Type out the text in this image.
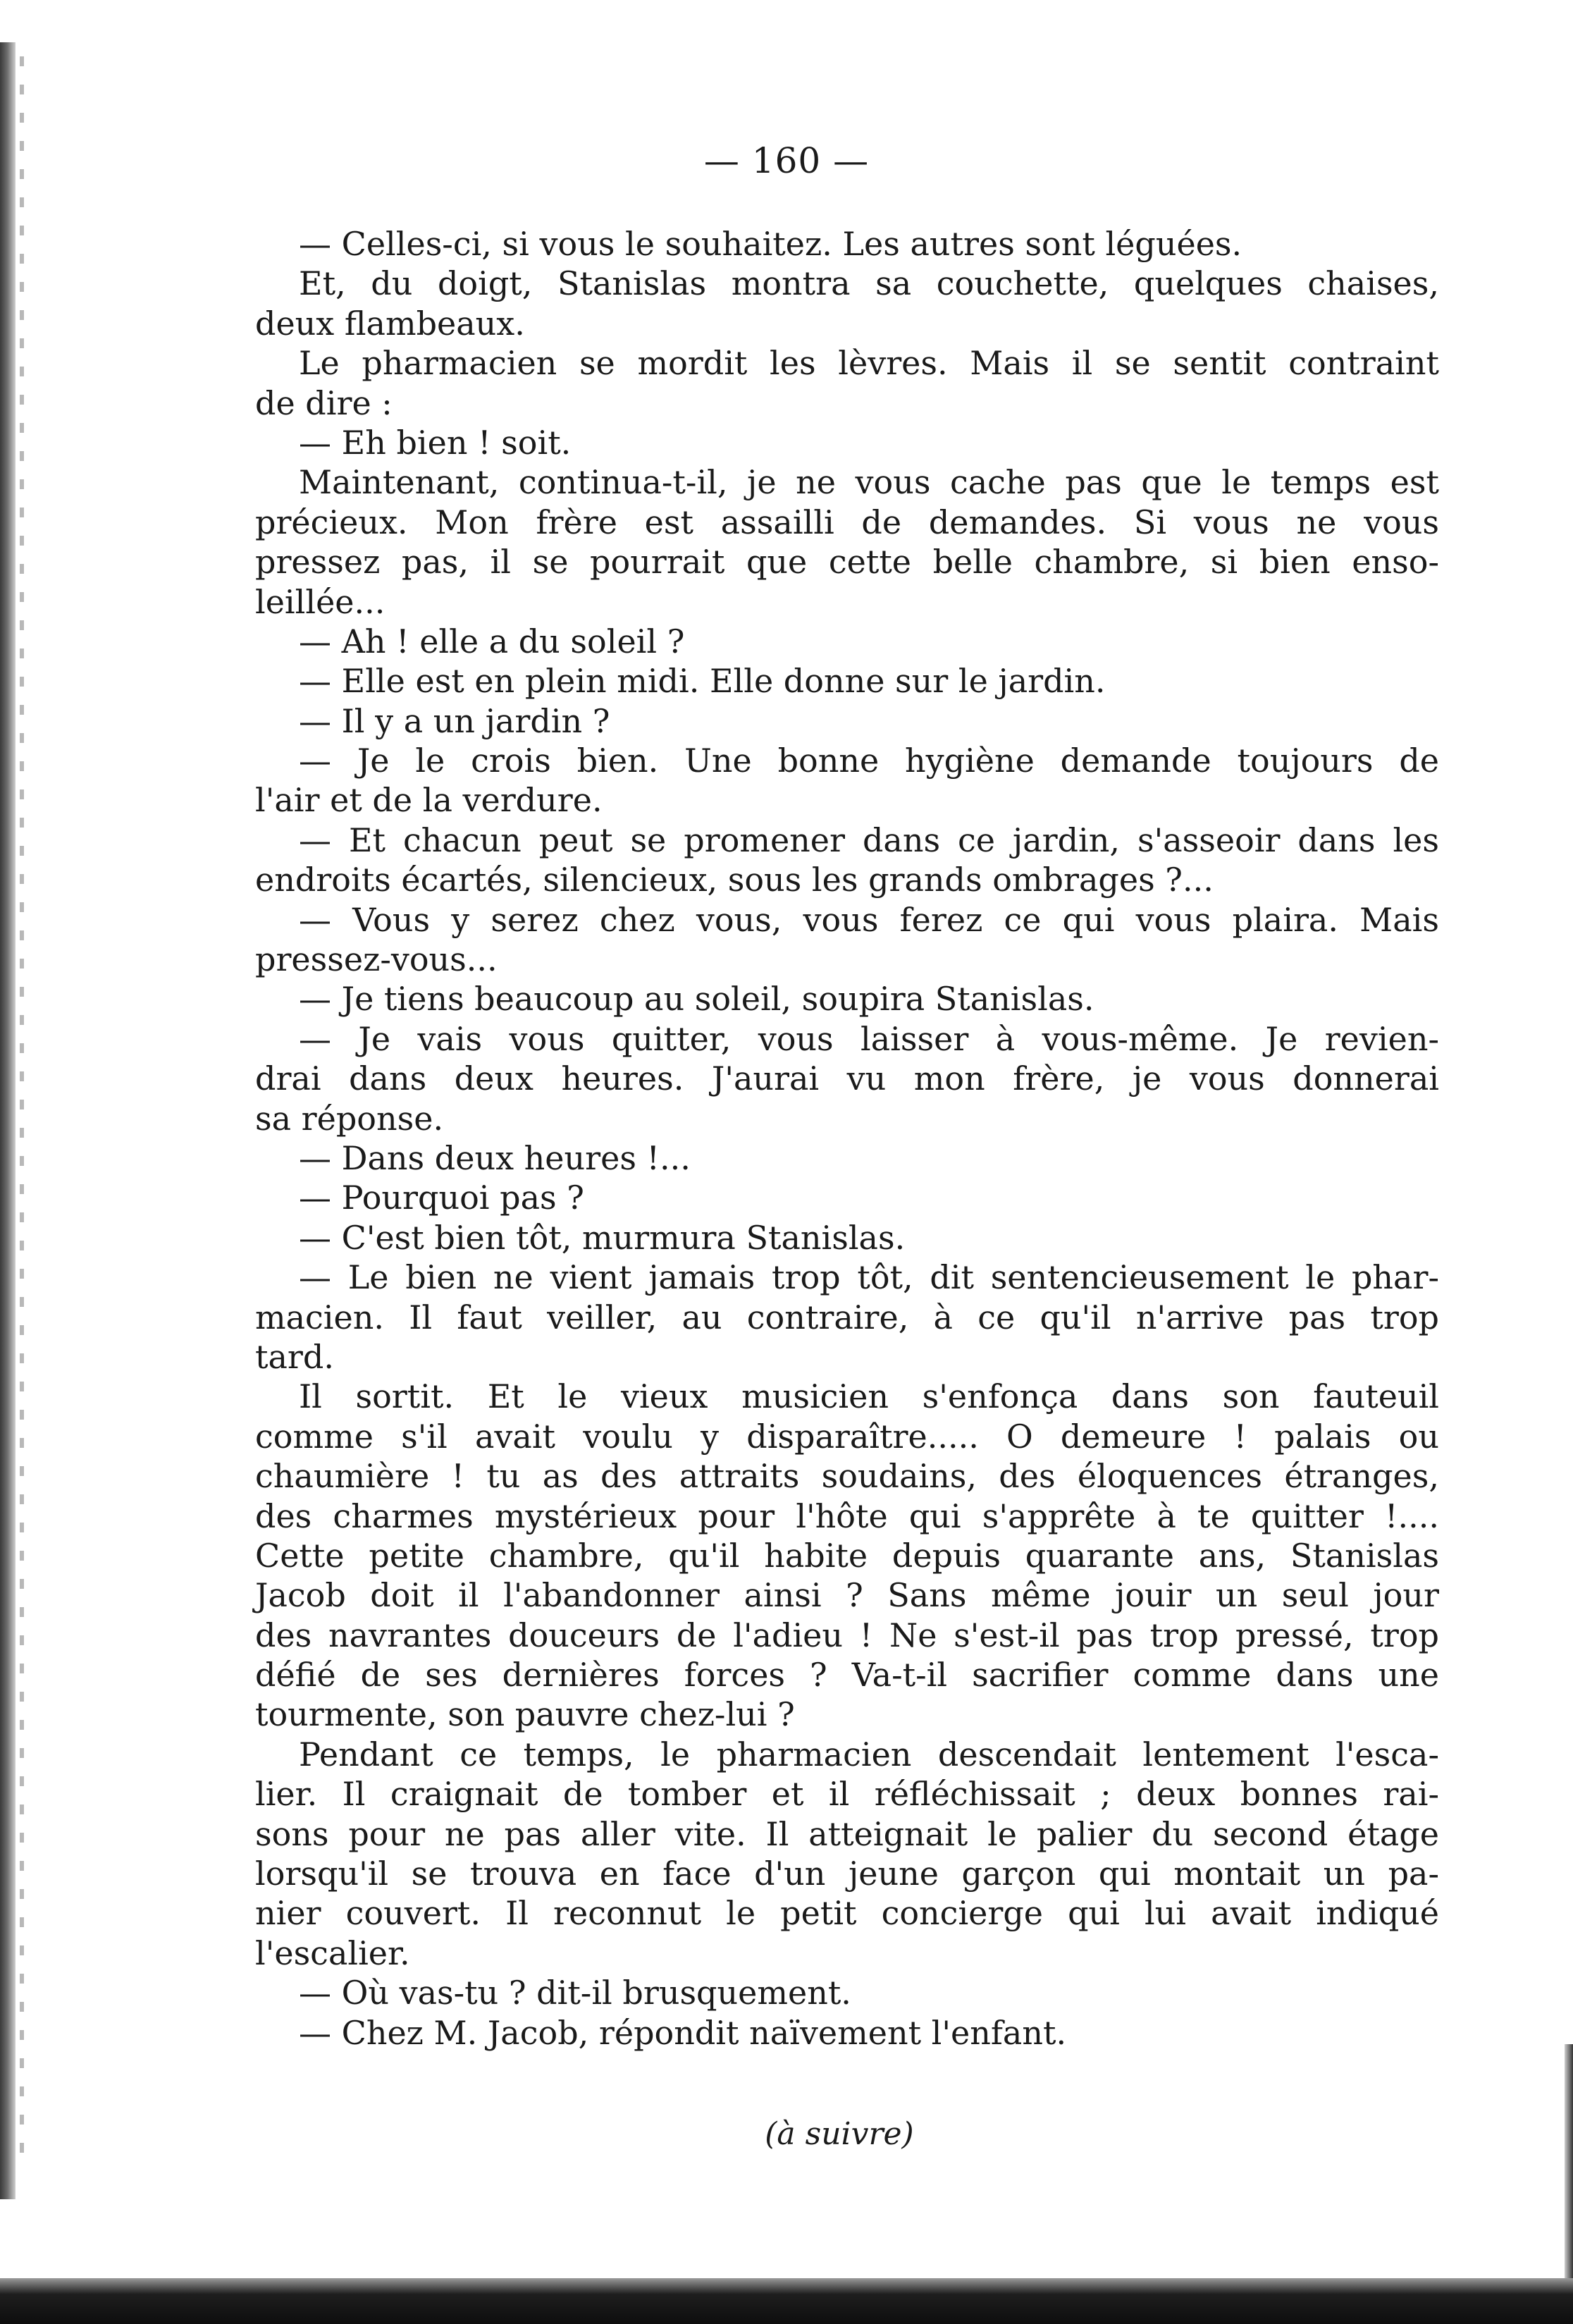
— 160 —
— Celles-ci, si vous le souhaitez. Les autres sont léguées.
Et, du doigt, Stanislas montra sa couchette, quelques chaises,
deux flambeaux.
Le pharmacien se mordit les lèvres. Mais il se sentit contraint
de dire :
— Eh bien ! soit.
Maintenant, continua-t-il, je ne vous cache pas que le temps est
précieux. Mon frère est assailli de demandes. Si vous ne vous
pressez pas, il se pourrait que cette belle chambre, si bien enso-
leillée...
— Ah ! elle a du soleil ?
— Elle est en plein midi. Elle donne sur le jardin.
— Il y a un jardin ?
— Je le crois bien. Une bonne hygiène demande toujours de
l'air et de la verdure.
— Et chacun peut se promener dans ce jardin, s'asseoir dans les
endroits écartés, silencieux, sous les grands ombrages ?...
— Vous y serez chez vous, vous ferez ce qui vous plaira. Mais
pressez-vous...
— Je tiens beaucoup au soleil, soupira Stanislas.
— Je vais vous quitter, vous laisser à vous-même. Je revien-
drai dans deux heures. J'aurai vu mon frère, je vous donnerai
sa réponse.
— Dans deux heures !...
— Pourquoi pas ?
— C'est bien tôt, murmura Stanislas.
— Le bien ne vient jamais trop tôt, dit sentencieusement le phar-
macien. Il faut veiller, au contraire, à ce qu'il n'arrive pas trop
tard.
Il sortit. Et le vieux musicien s'enfonça dans son fauteuil
comme s'il avait voulu y disparaître..... O demeure ! palais ou
chaumière ! tu as des attraits soudains, des éloquences étranges,
des charmes mystérieux pour l'hôte qui s'apprête à te quitter !....
Cette petite chambre, qu'il habite depuis quarante ans, Stanislas
Jacob doit il l'abandonner ainsi ? Sans même jouir un seul jour
des navrantes douceurs de l'adieu ! Ne s'est-il pas trop pressé, trop
défié de ses dernières forces ? Va-t-il sacrifier comme dans une
tourmente, son pauvre chez-lui ?
Pendant ce temps, le pharmacien descendait lentement l'esca-
lier. Il craignait de tomber et il réfléchissait ; deux bonnes rai-
sons pour ne pas aller vite. Il atteignait le palier du second étage
lorsqu'il se trouva en face d'un jeune garçon qui montait un pa-
nier couvert. Il reconnut le petit concierge qui lui avait indiqué
l'escalier.
— Où vas-tu ? dit-il brusquement.
— Chez M. Jacob, répondit naïvement l'enfant.
(à suivre)
